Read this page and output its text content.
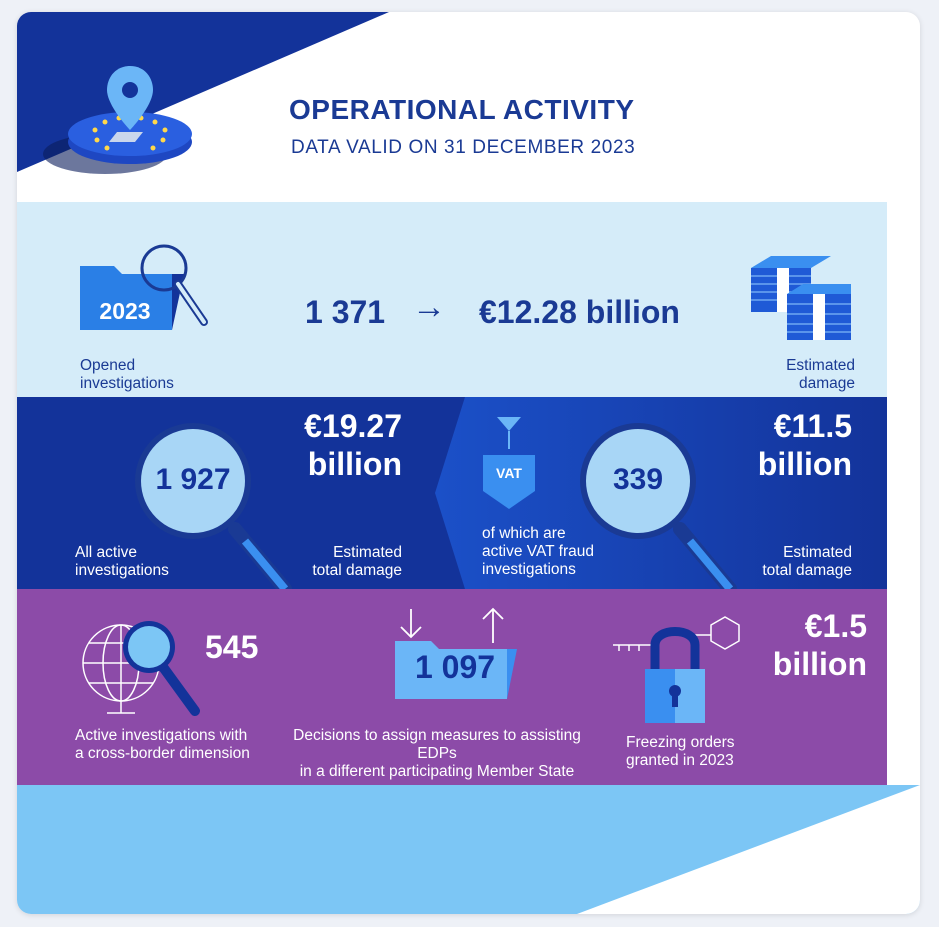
OPERATIONAL ACTIVITY
DATA VALID ON 31 DECEMBER 2023
2023
Opened
investigations
1 371 → €12.28 billion
Estimated
damage
1 927
All active
investigations
€19.27
billion
Estimated
total damage
VAT
of which are
active VAT fraud
investigations
339
€11.5
billion
Estimated
total damage
545
Active investigations with
a cross-border dimension
1 097
Decisions to assign measures to assisting EDPs
in a different participating Member State
€1.5
billion
Freezing orders
granted in 2023
